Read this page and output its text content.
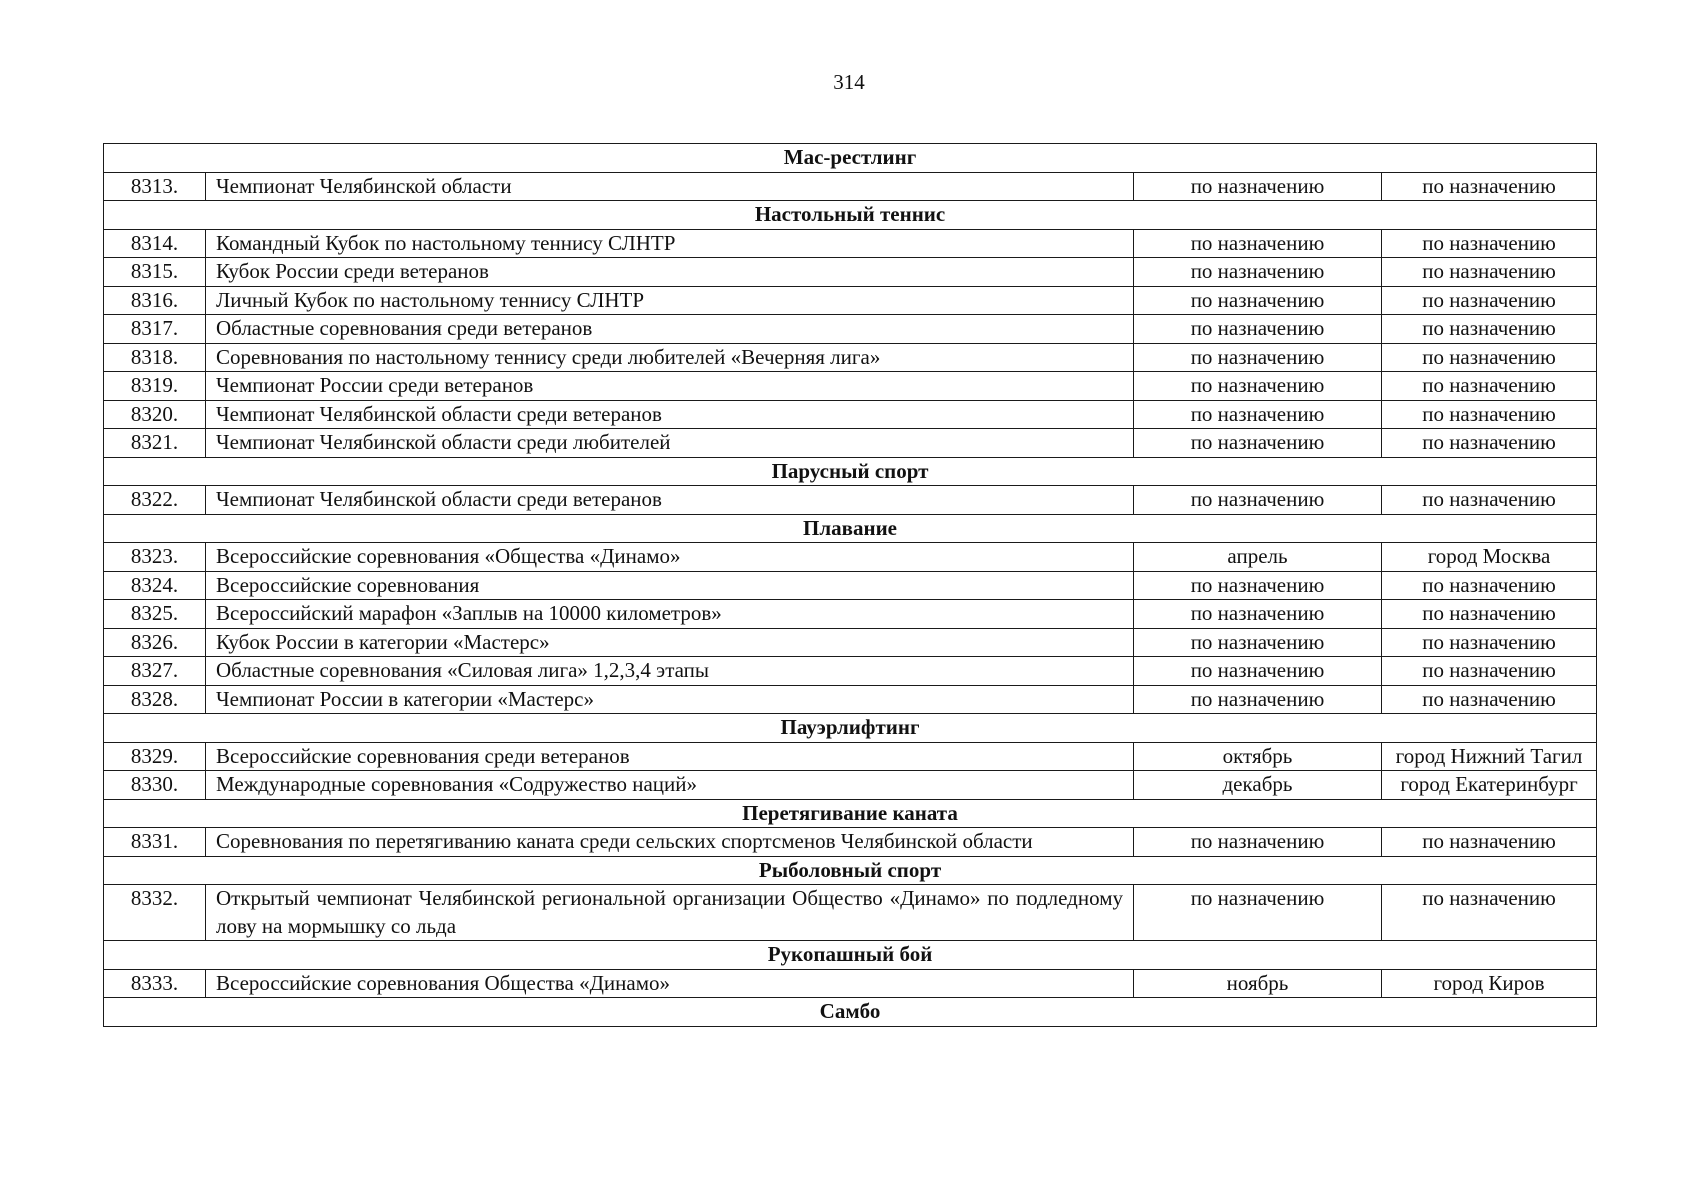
314
Мас-рестлинг			
8313.	Чемпионат Челябинской области	по назначению	по назначению
Настольный теннис			
8314.	Командный Кубок по настольному теннису СЛНТР	по назначению	по назначению
8315.	Кубок России среди ветеранов	по назначению	по назначению
8316.	Личный Кубок по настольному теннису СЛНТР	по назначению	по назначению
8317.	Областные соревнования среди ветеранов	по назначению	по назначению
8318.	Соревнования по настольному теннису среди любителей «Вечерняя лига»	по назначению	по назначению
8319.	Чемпионат России среди ветеранов	по назначению	по назначению
8320.	Чемпионат Челябинской области среди ветеранов	по назначению	по назначению
8321.	Чемпионат Челябинской области среди любителей	по назначению	по назначению
Парусный спорт			
8322.	Чемпионат Челябинской области среди ветеранов	по назначению	по назначению
Плавание			
8323.	Всероссийские соревнования «Общества «Динамо»	апрель	город Москва
8324.	Всероссийские соревнования	по назначению	по назначению
8325.	Всероссийский марафон «Заплыв на 10000 километров»	по назначению	по назначению
8326.	Кубок России в категории «Мастерс»	по назначению	по назначению
8327.	Областные соревнования «Силовая лига» 1,2,3,4 этапы	по назначению	по назначению
8328.	Чемпионат России в категории «Мастерс»	по назначению	по назначению
Пауэрлифтинг			
8329.	Всероссийские соревнования среди ветеранов	октябрь	город Нижний Тагил
8330.	Международные соревнования «Содружество наций»	декабрь	город Екатеринбург
Перетягивание каната			
8331.	Соревнования по перетягиванию каната среди сельских спортсменов Челябинской области	по назначению	по назначению
Рыболовный спорт			
8332.	Открытый чемпионат Челябинской региональной организации Общество «Динамо» по подледному лову на мормышку со льда	по назначению	по назначению
Рукопашный бой			
8333.	Всероссийские соревнования Общества «Динамо»	ноябрь	город Киров
Самбо			
